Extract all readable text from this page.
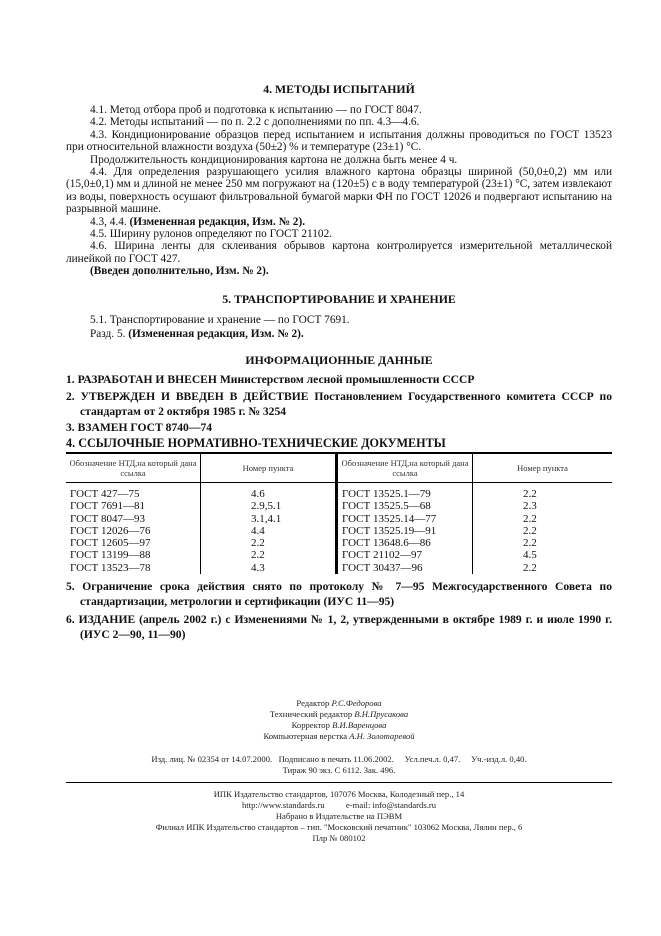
4. МЕТОДЫ ИСПЫТАНИЙ

4.1. Метод отбора проб и подготовка к испытанию — по ГОСТ 8047.

4.2. Методы испытаний — по п. 2.2 с дополнениями по пп. 4.3—4.6.

4.3. Кондиционирование образцов перед испытанием и испытания должны проводиться по ГОСТ 13523 при относительной влажности воздуха (50±2) % и температуре (23±1) °С.

Продолжительность кондиционирования картона не должна быть менее 4 ч.

4.4. Для определения разрушающего усилия влажного картона образцы шириной (50,0±0,2) мм или (15,0±0,1) мм и длиной не менее 250 мм погружают на (120±5) с в воду температурой (23±1) °С, затем извлекают из воды, поверхность осушают фильтровальной бумагой марки ФН по ГОСТ 12026 и подвергают испытанию на разрывной машине.

4.3, 4.4. (Измененная редакция, Изм. № 2).

4.5. Ширину рулонов определяют по ГОСТ 21102.

4.6. Ширина ленты для склеивания обрывов картона контролируется измерительной металлической линейкой по ГОСТ 427.

(Введен дополнительно, Изм. № 2).

5. ТРАНСПОРТИРОВАНИЕ И ХРАНЕНИЕ

5.1. Транспортирование и хранение — по ГОСТ 7691.

Разд. 5. (Измененная редакция, Изм. № 2).

ИНФОРМАЦИОННЫЕ ДАННЫЕ
1. РАЗРАБОТАН И ВНЕСЕН Министерством лесной промышленности СССР
2. УТВЕРЖДЕН И ВВЕДЕН В ДЕЙСТВИЕ Постановлением Государственного комитета СССР по стандартам от 2 октября 1985 г. № 3254
3. ВЗАМЕН ГОСТ 8740—74
4. ССЫЛОЧНЫЕ НОРМАТИВНО-ТЕХНИЧЕСКИЕ ДОКУМЕНТЫ
Обозначение НТД,на который дана ссылка	Номер пункта	Обозначение НТД,на который дана ссылка	Номер пункта
ГОСТ 427—75	4.6	ГОСТ 13525.1—79	2.2
ГОСТ 7691—81	2.9,5.1	ГОСТ 13525.5—68	2.3
ГОСТ 8047—93	3.1,4.1	ГОСТ 13525.14—77	2.2
ГОСТ 12026—76	4.4	ГОСТ 13525.19—91	2.2
ГОСТ 12605—97	2.2	ГОСТ 13648.6—86	2.2
ГОСТ 13199—88	2.2	ГОСТ 21102—97	4.5
ГОСТ 13523—78	4.3	ГОСТ 30437—96	2.2
5. Ограничение срока действия снято по протоколу № 7—95 Межгосударственного Совета по стандартизации, метрологии и сертификации (ИУС 11—95)
6. ИЗДАНИЕ (апрель 2002 г.) с Изменениями № 1, 2, утвержденными в октябре 1989 г. и июле 1990 г. (ИУС 2—90, 11—90)
Редактор Р.С.Федорова
Технический редактор В.Н.Прусакова
Корректор В.И.Варенцова
Компьютерная верстка А.Н. Золотаревой
Изд. лиц. № 02354 от 14.07.2000.   Подписано в печать 11.06.2002.     Усл.печ.л. 0,47.     Уч.-изд.л. 0,40.
Тираж 90 экз. С 6112. Зак. 496.
ИПК Издательство стандартов, 107076 Москва, Колодезный пер., 14
http://www.standards.ru          e-mail: info@standards.ru
Набрано в Издательстве на ПЭВМ
Филиал ИПК Издательство стандартов – тип. "Московский печатник" 103062 Москва, Лялин пер., 6
Плр № 080102
